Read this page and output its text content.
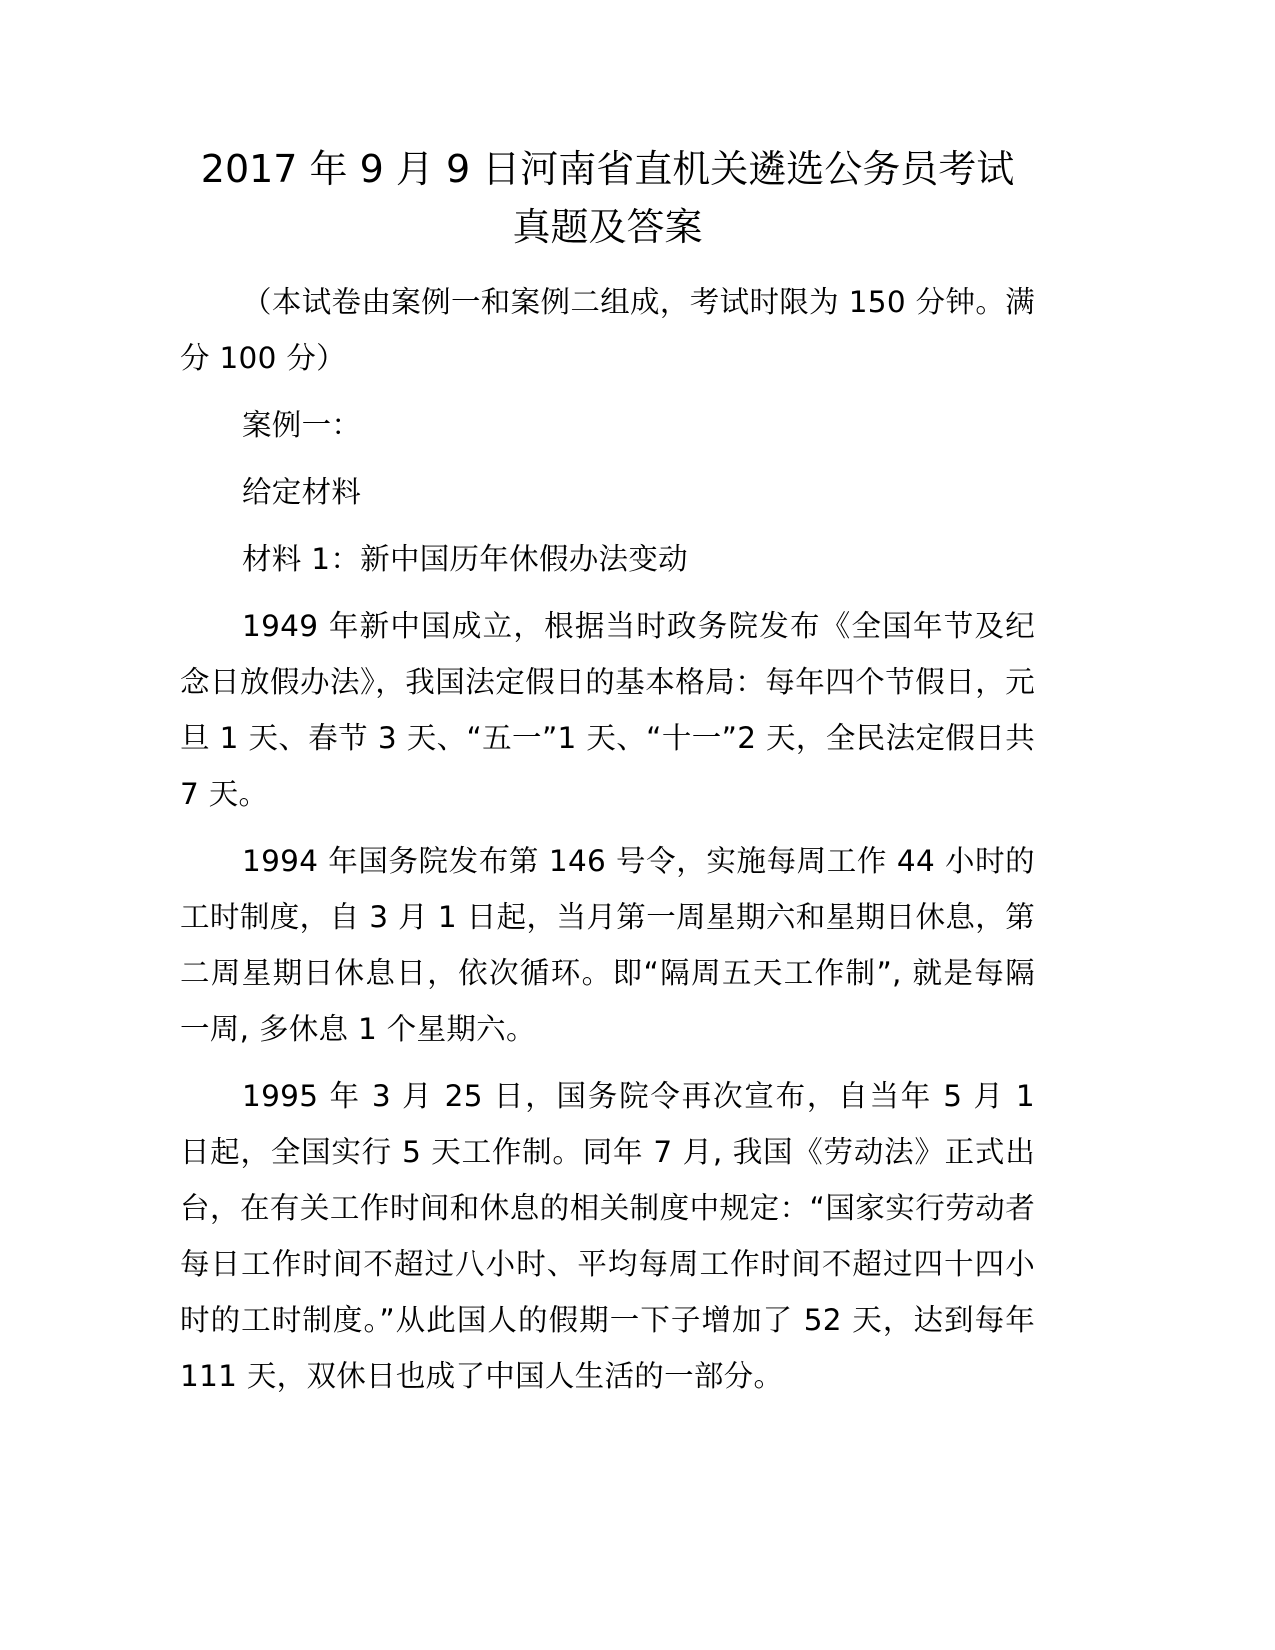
2017 年 9 月 9 日河南省直机关遴选公务员考试
真题及答案

（本试卷由案例一和案例二组成，考试时限为 150 分钟。满分 100 分）

案例一：

给定材料

材料 1：新中国历年休假办法变动

1949 年新中国成立，根据当时政务院发布《全国年节及纪念日放假办法》，我国法定假日的基本格局：每年四个节假日，元旦 1 天、春节 3 天、“五一”1 天、“十一”2 天，全民法定假日共 7 天。

1994 年国务院发布第 146 号令，实施每周工作 44 小时的工时制度，自 3 月 1 日起，当月第一周星期六和星期日休息，第二周星期日休息日，依次循环。即“隔周五天工作制”, 就是每隔一周, 多休息 1 个星期六。

1995 年 3 月 25 日，国务院令再次宣布，自当年 5 月 1 日起，全国实行 5 天工作制。同年 7 月, 我国《劳动法》正式出台，在有关工作时间和休息的相关制度中规定：“国家实行劳动者每日工作时间不超过八小时、平均每周工作时间不超过四十四小时的工时制度。”从此国人的假期一下子增加了 52 天，达到每年 111 天，双休日也成了中国人生活的一部分。
